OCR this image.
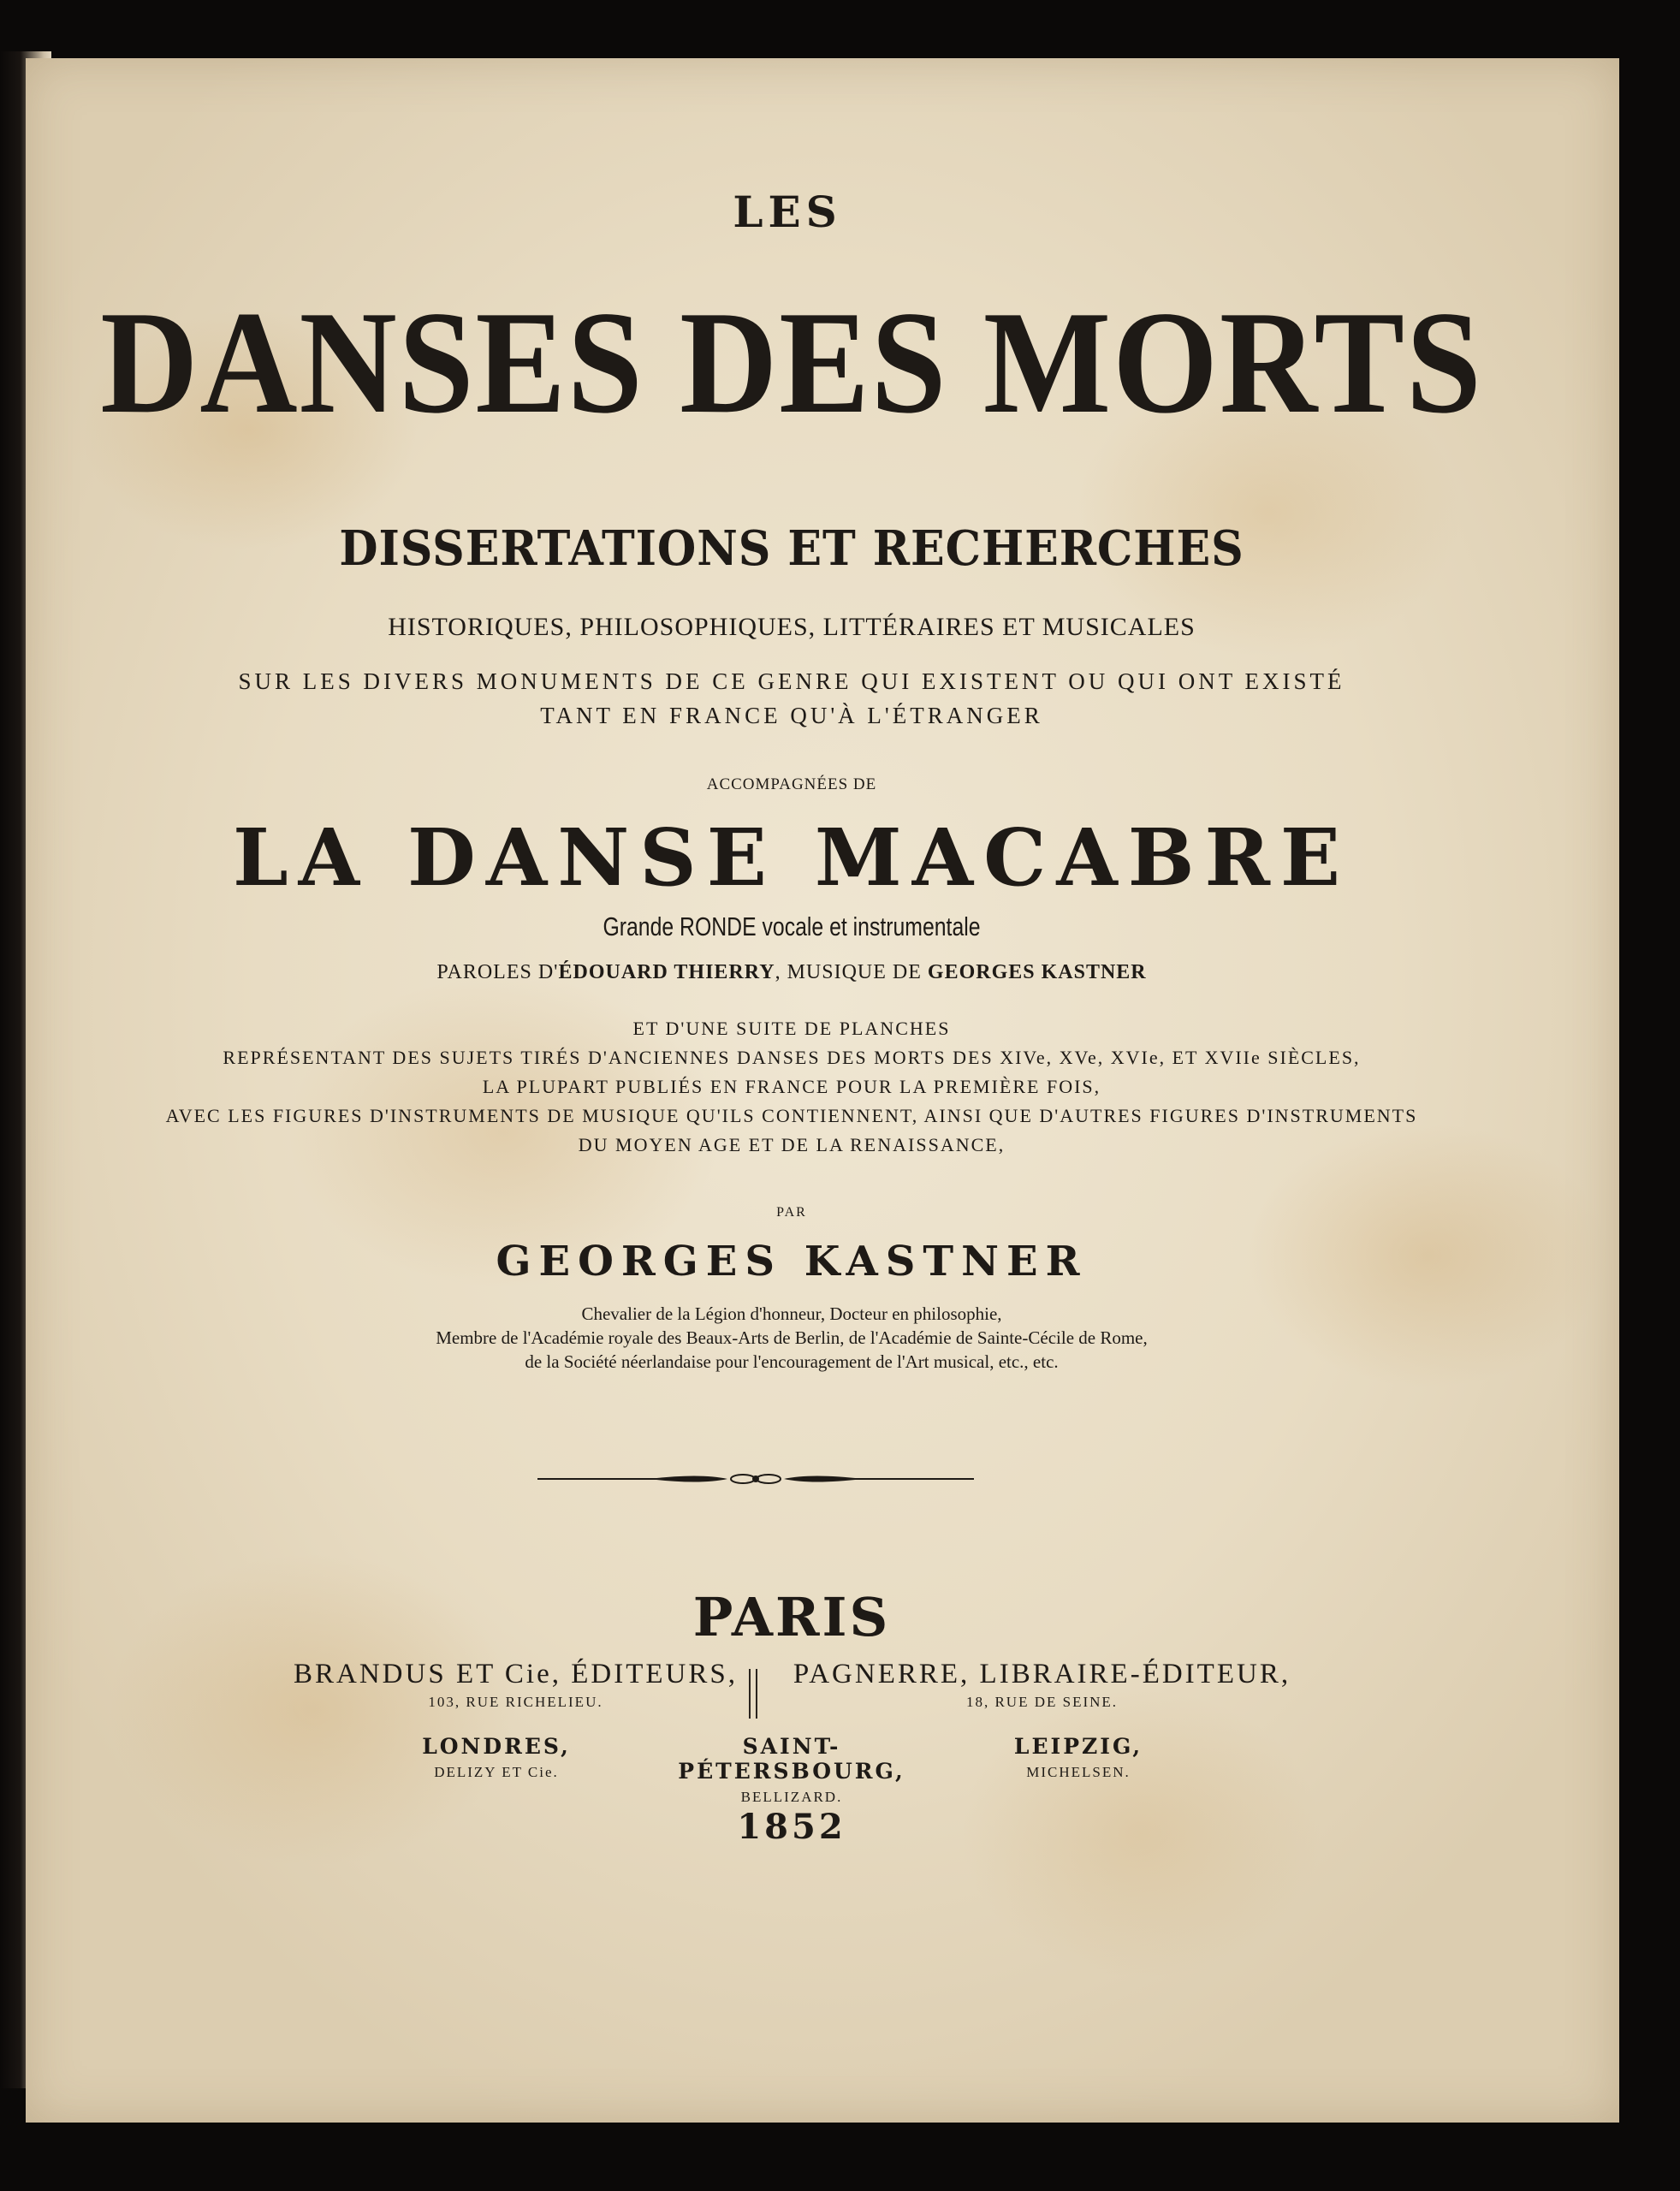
LES
DANSES DES MORTS
DISSERTATIONS ET RECHERCHES
HISTORIQUES, PHILOSOPHIQUES, LITTÉRAIRES ET MUSICALES
SUR LES DIVERS MONUMENTS DE CE GENRE QUI EXISTENT OU QUI ONT EXISTÉ
TANT EN FRANCE QU'À L'ÉTRANGER
ACCOMPAGNÉES DE
LA DANSE MACABRE
Grande RONDE vocale et instrumentale
PAROLES D'ÉDOUARD THIERRY, MUSIQUE DE GEORGES KASTNER
ET D'UNE SUITE DE PLANCHES
REPRÉSENTANT DES SUJETS TIRÉS D'ANCIENNES DANSES DES MORTS DES XIVe, XVe, XVIe, ET XVIIe SIÈCLES,
LA PLUPART PUBLIÉS EN FRANCE POUR LA PREMIÈRE FOIS,
AVEC LES FIGURES D'INSTRUMENTS DE MUSIQUE QU'ILS CONTIENNENT, AINSI QUE D'AUTRES FIGURES D'INSTRUMENTS
DU MOYEN AGE ET DE LA RENAISSANCE,
PAR
GEORGES KASTNER
Chevalier de la Légion d'honneur, Docteur en philosophie,
Membre de l'Académie royale des Beaux-Arts de Berlin, de l'Académie de Sainte-Cécile de Rome,
de la Société néerlandaise pour l'encouragement de l'Art musical, etc., etc.
PARIS
BRANDUS ET Cie, ÉDITEURS,
103, RUE RICHELIEU.
PAGNERRE, LIBRAIRE-ÉDITEUR,
18, RUE DE SEINE.
LONDRES,
DELIZY ET Cie.
SAINT-PÉTERSBOURG,
BELLIZARD.
LEIPZIG,
MICHELSEN.
1852
